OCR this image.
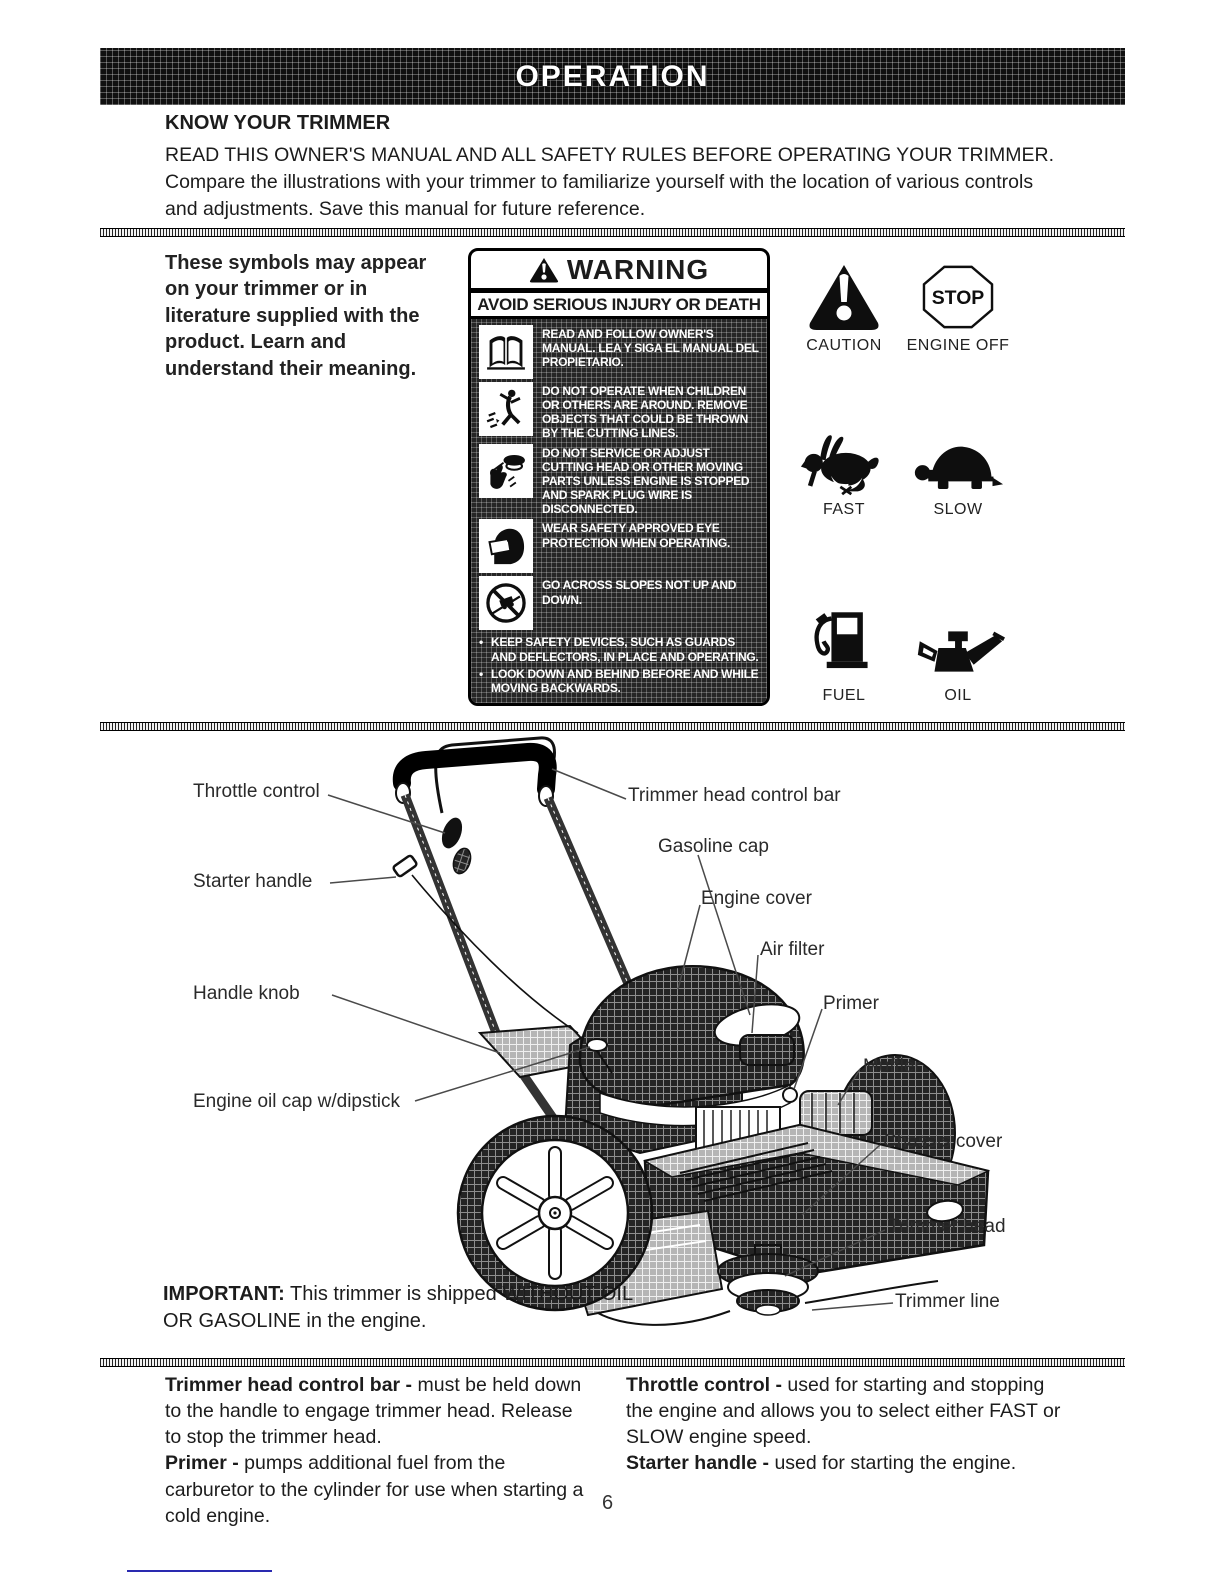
OPERATION
KNOW YOUR TRIMMER
READ THIS OWNER'S MANUAL AND ALL SAFETY RULES BEFORE OPERATING YOUR TRIMMER. Compare the illustrations with your trimmer to familiarize yourself with the location of various controls and adjustments. Save this manual for future reference.
These symbols may appear on your trimmer or in literature supplied with the product. Learn and understand their meaning.
WARNING
AVOID SERIOUS INJURY OR DEATH
READ AND FOLLOW OWNER'S MANUAL. LEA Y SIGA EL MANUAL DEL PROPIETARIO.
DO NOT OPERATE WHEN CHILDREN OR OTHERS ARE AROUND. REMOVE OBJECTS THAT COULD BE THROWN BY THE CUTTING LINES.
DO NOT SERVICE OR ADJUST CUTTING HEAD OR OTHER MOVING PARTS UNLESS ENGINE IS STOPPED AND SPARK PLUG WIRE IS DISCONNECTED.
WEAR SAFETY APPROVED EYE PROTECTION WHEN OPERATING.
GO ACROSS SLOPES NOT UP AND DOWN.
• KEEP SAFETY DEVICES, SUCH AS GUARDS AND DEFLECTORS, IN PLACE AND OPERATING.
• LOOK DOWN AND BEHIND BEFORE AND WHILE MOVING BACKWARDS.
CAUTION
STOP
ENGINE OFF
FAST	SLOW
FUEL	OIL
Throttle control	Trimmer head control bar
Gasoline cap
Starter handle
Engine cover
Air filter
Handle knob	Primer
Muffler
Engine oil cap w/dipstick
Chassis cover
Trimmer head
Trimmer line
IMPORTANT: This trimmer is shipped WITHOUT OIL OR GASOLINE in the engine.
Trimmer head control bar - must be held down to the handle to engage trimmer head. Release to stop the trimmer head.
Primer - pumps additional fuel from the carburetor to the cylinder for use when starting a cold engine.
Throttle control - used for starting and stopping the engine and allows you to select either FAST or SLOW engine speed.
Starter handle - used for starting the engine.
6
